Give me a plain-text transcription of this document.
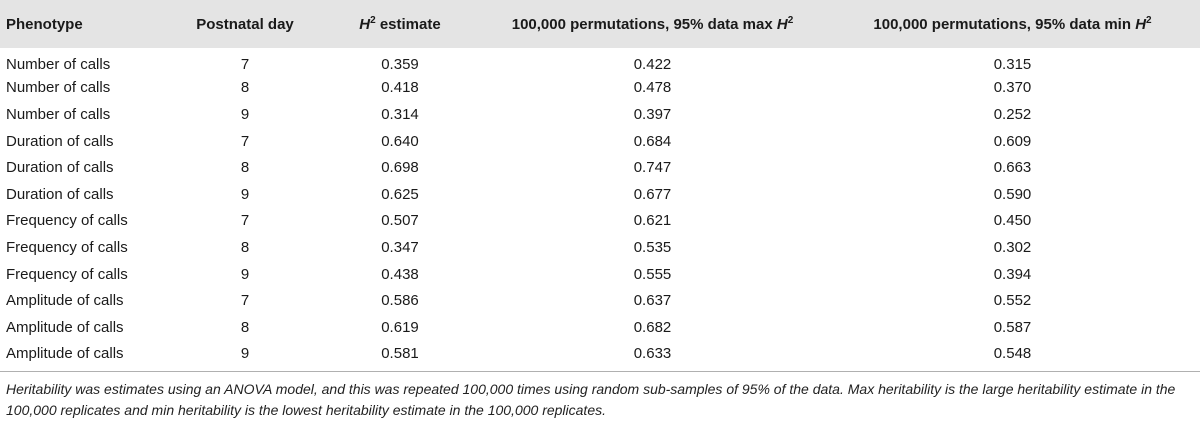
Phenotype	Postnatal day	$H^2$ estimate	100,000 permutations, 95% data $\max H^2$	100,000 permutations, 95% data $\min H^2$
Number of calls	7	0.359	0.422	0.315
Number of calls	8	0.418	0.478	0.370
Number of calls	9	0.314	0.397	0.252
Duration of calls	7	0.640	0.684	0.609
Duration of calls	8	0.698	0.747	0.663
Duration of calls	9	0.625	0.677	0.590
Frequency of calls	7	0.507	0.621	0.450
Frequency of calls	8	0.347	0.535	0.302
Frequency of calls	9	0.438	0.555	0.394
Amplitude of calls	7	0.586	0.637	0.552
Amplitude of calls	8	0.619	0.682	0.587
Amplitude of calls	9	0.581	0.633	0.548
Heritability was estimates using an ANOVA model, and this was repeated 100,000 times using random sub-samples of 95% of the data. Max heritability is the large heritability estimate in the 100,000 replicates and min heritability is the lowest heritability estimate in the 100,000 replicates.
